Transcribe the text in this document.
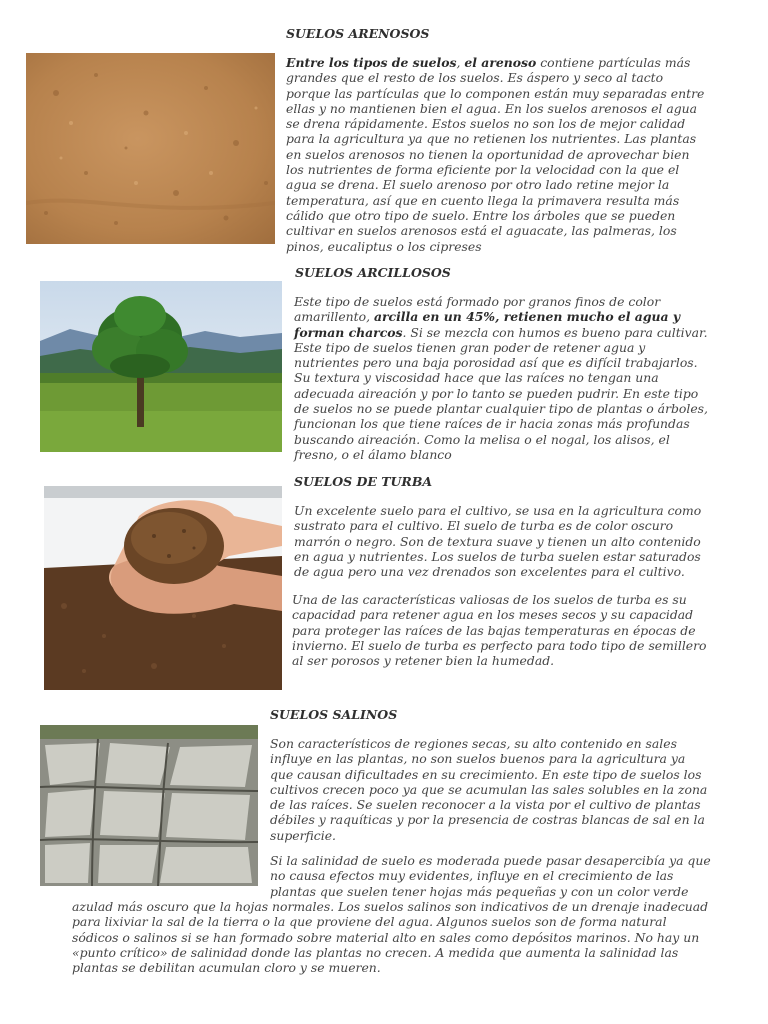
SUELOS ARENOSOS

Entre los tipos de suelos, el arenoso contiene partículas más grandes que el resto de los suelos. Es áspero y seco al tacto porque las partículas que lo componen están muy separadas entre ellas y no mantienen bien el agua. En los suelos arenosos el agua se drena rápidamente. Estos suelos no son los de mejor calidad para la agricultura ya que no retienen los nutrientes. Las plantas en suelos arenosos no tienen la oportunidad de aprovechar bien los nutrientes de forma eficiente por la velocidad con la que el agua se drena. El suelo arenoso por otro lado retine mejor la temperatura, así que en cuento llega la primavera resulta más cálido que otro tipo de suelo. Entre los árboles que se pueden cultivar en suelos arenosos está el aguacate, las palmeras, los pinos, eucaliptus o los cipreses

SUELOS ARCILLOSOS

Este tipo de suelos está formado por granos finos de color amarillento, arcilla en un 45%, retienen mucho el agua y forman charcos. Si se mezcla con humos es bueno para cultivar. Este tipo de suelos tienen gran poder de retener agua y nutrientes pero una baja porosidad así que es difícil trabajarlos. Su textura y viscosidad hace que las raíces no tengan una adecuada aireación y por lo tanto se pueden pudrir. En este tipo de suelos no se puede plantar cualquier tipo de plantas o árboles, funcionan los que tiene raíces de ir hacia zonas más profundas buscando aireación. Como la melisa o el nogal, los alisos, el fresno, o el álamo blanco

SUELOS DE TURBA

Un excelente suelo para el cultivo, se usa en la agricultura como sustrato para el cultivo. El suelo de turba es de color oscuro marrón o negro. Son de textura suave y tienen un alto contenido en agua y nutrientes. Los suelos de turba suelen estar saturados de agua pero una vez drenados son excelentes para el cultivo.

Una de las características valiosas de los suelos de turba es su capacidad para retener agua en los meses secos y su capacidad para proteger las raíces de las bajas temperaturas en épocas de invierno. El suelo de turba es perfecto para todo tipo de semillero al ser porosos y retener bien la humedad.

SUELOS SALINOS

Son característicos de regiones secas, su alto contenido en sales influye en las plantas, no son suelos buenos para la agricultura ya que causan dificultades en su crecimiento. En este tipo de suelos los cultivos crecen poco ya que se acumulan las sales solubles en la zona de las raíces. Se suelen reconocer a la vista por el cultivo de plantas débiles y raquíticas y por la presencia de costras blancas de sal en la superficie.

Si la salinidad de suelo es moderada puede pasar desapercibía ya que no causa efectos muy evidentes, influye en el crecimiento de las plantas que suelen tener hojas más pequeñas y con un color verde

azulad más oscuro que la hojas normales. Los suelos salinos son indicativos de un drenaje inadecuad para lixiviar la sal de la tierra o la que proviene del agua. Algunos suelos son de forma natural sódicos o salinos si se han formado sobre material alto en sales como depósitos marinos. No hay un «punto crítico» de salinidad donde las plantas no crecen. A medida que aumenta la salinidad las plantas se debilitan acumulan cloro y se mueren.
